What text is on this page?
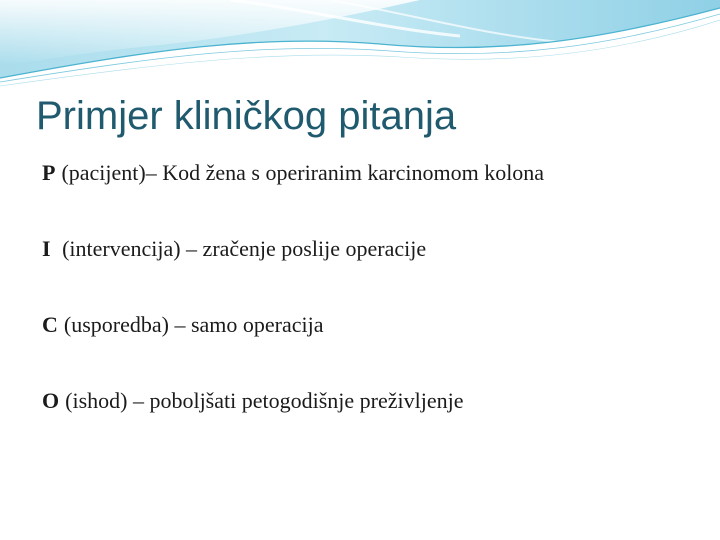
Primjer kliničkog pitanja
P (pacijent)– Kod žena s operiranim karcinomom kolona
I (intervencija) – zračenje poslije operacije
C (usporedba) – samo operacija
O (ishod) – poboljšati petogodišnje preživljenje
